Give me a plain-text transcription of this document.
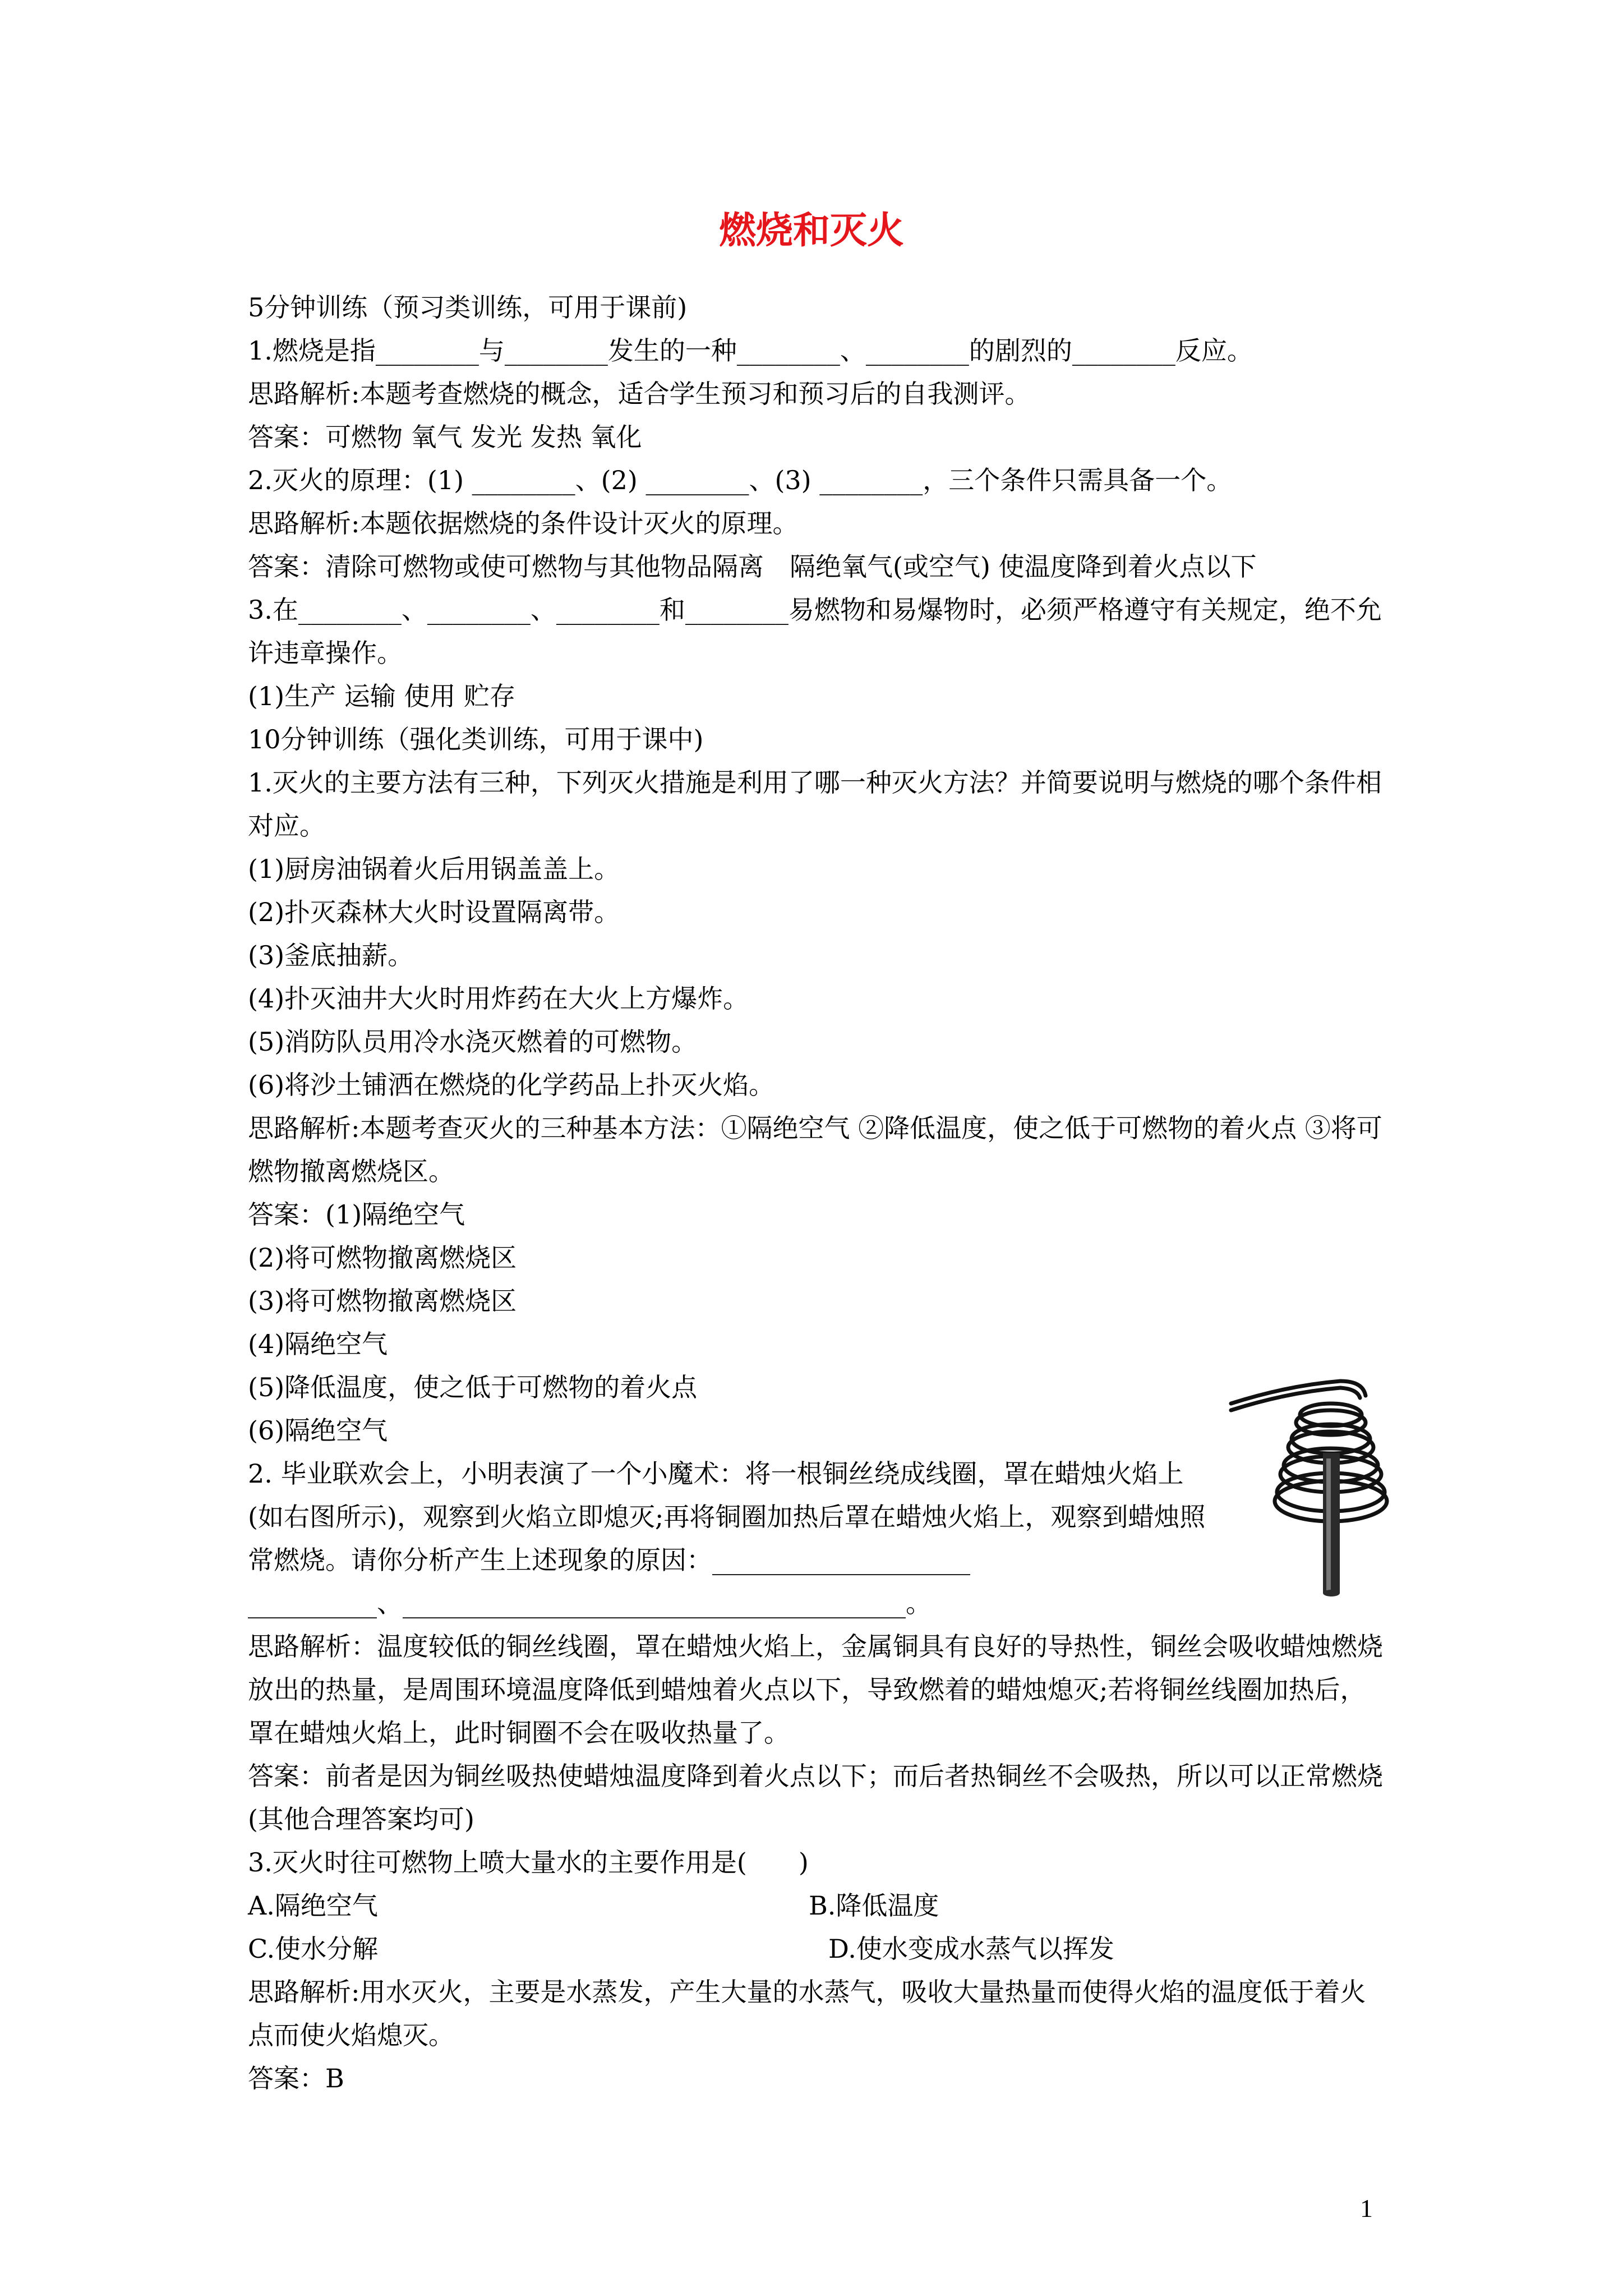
燃烧和灭火
5分钟训练（预习类训练，可用于课前)
1.燃烧是指________与________发生的一种________、________的剧烈的________反应。
思路解析:本题考查燃烧的概念，适合学生预习和预习后的自我测评。
答案：可燃物 氧气 发光 发热 氧化
2.灭火的原理：(1) ________、(2) ________、(3) ________，三个条件只需具备一个。
思路解析:本题依据燃烧的条件设计灭火的原理。
答案：清除可燃物或使可燃物与其他物品隔离　隔绝氧气(或空气) 使温度降到着火点以下
3.在________、________、________和________易燃物和易爆物时，必须严格遵守有关规定，绝不允许违章操作。
(1)生产 运输 使用 贮存
10分钟训练（强化类训练，可用于课中)
1.灭火的主要方法有三种，下列灭火措施是利用了哪一种灭火方法？并简要说明与燃烧的哪个条件相对应。
(1)厨房油锅着火后用锅盖盖上。
(2)扑灭森林大火时设置隔离带。
(3)釜底抽薪。
(4)扑灭油井大火时用炸药在大火上方爆炸。
(5)消防队员用冷水浇灭燃着的可燃物。
(6)将沙土铺洒在燃烧的化学药品上扑灭火焰。
思路解析:本题考查灭火的三种基本方法：①隔绝空气 ②降低温度，使之低于可燃物的着火点 ③将可燃物撤离燃烧区。
答案：(1)隔绝空气
(2)将可燃物撤离燃烧区
(3)将可燃物撤离燃烧区
(4)隔绝空气
(5)降低温度，使之低于可燃物的着火点
(6)隔绝空气
2. 毕业联欢会上，小明表演了一个小魔术：将一根铜丝绕成线圈，罩在蜡烛火焰上(如右图所示)，观察到火焰立即熄灭;再将铜圈加热后罩在蜡烛火焰上，观察到蜡烛照常燃烧。请你分析产生上述现象的原因：____________________
__________、_______________________________________。
思路解析：温度较低的铜丝线圈，罩在蜡烛火焰上，金属铜具有良好的导热性，铜丝会吸收蜡烛燃烧放出的热量，是周围环境温度降低到蜡烛着火点以下，导致燃着的蜡烛熄灭;若将铜丝线圈加热后，罩在蜡烛火焰上，此时铜圈不会在吸收热量了。
答案：前者是因为铜丝吸热使蜡烛温度降到着火点以下；而后者热铜丝不会吸热，所以可以正常燃烧(其他合理答案均可)
3.灭火时往可燃物上喷大量水的主要作用是(　　)
A.隔绝空气	B.降低温度
C.使水分解	D.使水变成水蒸气以挥发
思路解析:用水灭火，主要是水蒸发，产生大量的水蒸气，吸收大量热量而使得火焰的温度低于着火点而使火焰熄灭。
答案：B
1
